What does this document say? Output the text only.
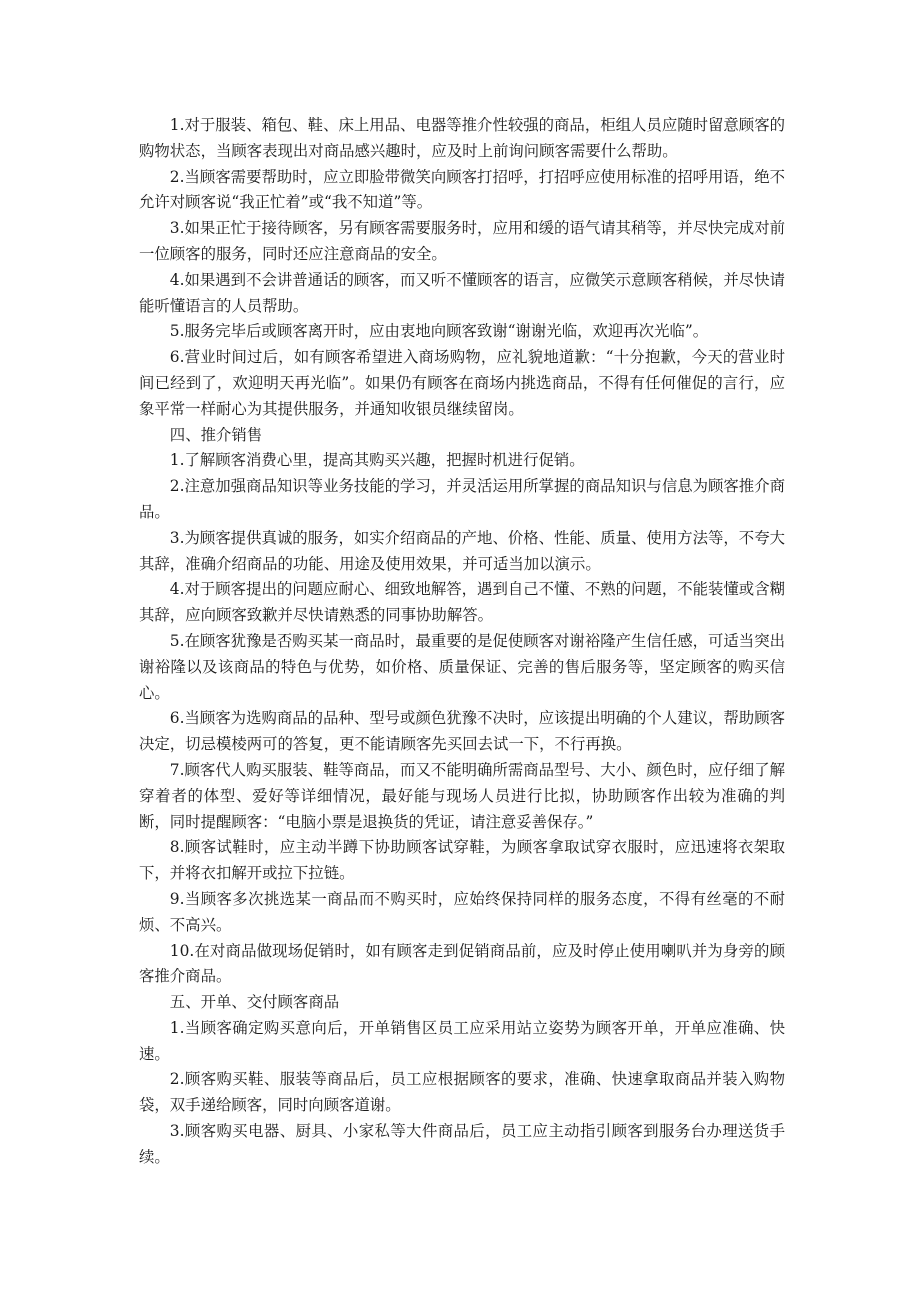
1.对于服装、箱包、鞋、床上用品、电器等推介性较强的商品，柜组人员应随时留意顾客的购物状态，当顾客表现出对商品感兴趣时，应及时上前询问顾客需要什么帮助。

2.当顾客需要帮助时，应立即脸带微笑向顾客打招呼，打招呼应使用标准的招呼用语，绝不允许对顾客说“我正忙着”或“我不知道”等。

3.如果正忙于接待顾客，另有顾客需要服务时，应用和缓的语气请其稍等，并尽快完成对前一位顾客的服务，同时还应注意商品的安全。

4.如果遇到不会讲普通话的顾客，而又听不懂顾客的语言，应微笑示意顾客稍候，并尽快请能听懂语言的人员帮助。

5.服务完毕后或顾客离开时，应由衷地向顾客致谢“谢谢光临，欢迎再次光临”。

6.营业时间过后，如有顾客希望进入商场购物，应礼貌地道歉：“十分抱歉，今天的营业时间已经到了，欢迎明天再光临”。如果仍有顾客在商场内挑选商品，不得有任何催促的言行，应象平常一样耐心为其提供服务，并通知收银员继续留岗。

四、推介销售

1.了解顾客消费心里，提高其购买兴趣，把握时机进行促销。

2.注意加强商品知识等业务技能的学习，并灵活运用所掌握的商品知识与信息为顾客推介商品。

3.为顾客提供真诚的服务，如实介绍商品的产地、价格、性能、质量、使用方法等，不夸大其辞，准确介绍商品的功能、用途及使用效果，并可适当加以演示。

4.对于顾客提出的问题应耐心、细致地解答，遇到自己不懂、不熟的问题，不能装懂或含糊其辞，应向顾客致歉并尽快请熟悉的同事协助解答。

5.在顾客犹豫是否购买某一商品时，最重要的是促使顾客对谢裕隆产生信任感，可适当突出谢裕隆以及该商品的特色与优势，如价格、质量保证、完善的售后服务等，坚定顾客的购买信心。

6.当顾客为选购商品的品种、型号或颜色犹豫不决时，应该提出明确的个人建议，帮助顾客决定，切忌模棱两可的答复，更不能请顾客先买回去试一下，不行再换。

7.顾客代人购买服装、鞋等商品，而又不能明确所需商品型号、大小、颜色时，应仔细了解穿着者的体型、爱好等详细情况，最好能与现场人员进行比拟，协助顾客作出较为准确的判断，同时提醒顾客：“电脑小票是退换货的凭证，请注意妥善保存。”

8.顾客试鞋时，应主动半蹲下协助顾客试穿鞋，为顾客拿取试穿衣服时，应迅速将衣架取下，并将衣扣解开或拉下拉链。

9.当顾客多次挑选某一商品而不购买时，应始终保持同样的服务态度，不得有丝毫的不耐烦、不高兴。

10.在对商品做现场促销时，如有顾客走到促销商品前，应及时停止使用喇叭并为身旁的顾客推介商品。

五、开单、交付顾客商品

1.当顾客确定购买意向后，开单销售区员工应采用站立姿势为顾客开单，开单应准确、快速。

2.顾客购买鞋、服装等商品后，员工应根据顾客的要求，准确、快速拿取商品并装入购物袋，双手递给顾客，同时向顾客道谢。

3.顾客购买电器、厨具、小家私等大件商品后，员工应主动指引顾客到服务台办理送货手续。
